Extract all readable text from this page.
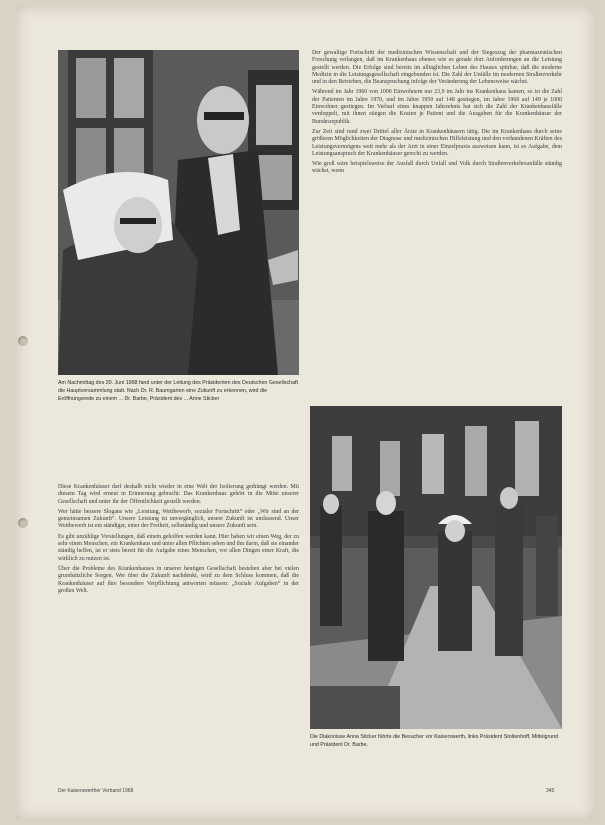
Am Nachmittag des 20. Juni 1968 fand unter der Leitung des Präsidenten des Deutschen Gesellschaft die Hauptversammlung statt. Nach Dr. R. Baumgarten eine Zukunft zu erkennen, wird die Eröffnungsrede zu einem ... Dr. Barbe, Präsident des ... Anne Sticker

Der gewaltige Fortschritt der medizinischen Wissenschaft und der Siegeszug der pharmazeutischen Forschung verlangen, daß im Krankenhaus ebenso wie es gerade dort Anforderungen an die Leistung gestellt werden. Die Erfolge sind bereits im alltäglichen Leben des Hauses spürbar, daß die moderne Medizin in die Leistungsgesellschaft eingebunden ist. Die Zahl der Unfälle im modernen Straßenverkehr und in den Betrieben, die Beanspruchung infolge der Veränderung der Lebensweise wächst.

Während im Jahr 1960 von 1000 Einwohnern nur 23,9 im Jahr ins Krankenhaus kamen, so ist die Zahl der Patienten im Jahre 1970, und im Jahre 1950 auf 148 gestiegen, im Jahre 1960 auf 149 je 1000 Einwohner gestiegen. Im Verlauf eines knappen Jahrzehnts hat sich die Zahl der Krankenhausfälle verdoppelt, mit ihnen stiegen die Kosten je Patient und die Ausgaben für die Krankenhäuser der Bundesrepublik.

Zur Zeit sind rund zwei Drittel aller Ärzte in Krankenhäusern tätig. Die im Krankenhaus durch seine größeren Möglichkeiten der Diagnose und medizinischen Hilfeleistung und den vorhandenen Kräften des Leistungsvermögens weit mehr als der Arzt in einer Einzelpraxis ausweisen kann, ist es Aufgabe, dem Leistungsanspruch der Krankenhäuser gerecht zu werden.

Wie groß wäre beispielsweise der Ausfall durch Unfall und Volk durch Straßenverkehrsunfälle ständig wächst, wenn

Die Diakonisse Anna Sticker führte die Besucher vor Kaiserswerth, links Präsident Stoltenhoff, Mittelgrund und Präsident Dr. Barbe.

Diese Krankenhäuser darf deshalb nicht wieder in eine Welt der Isolierung gedrängt werden. Mit diesem Tag wird erneut in Erinnerung gebracht: Das Krankenhaus gehört in die Mitte unserer Gesellschaft und unter ihr der Öffentlichkeit gestellt werden.

Wer hätte bessere Slogans wie „Leistung, Wettbewerb, sozialer Fortschritt“ oder „Wir sind an der gemeinsamen Zukunft“. Unsere Leistung ist unvergänglich, unsere Zukunft ist umfassend. Unser Wettbewerb ist ein ständiger, einer der Freiheit, selbständig und unsere Zukunft sein.

Es gibt unzählige Vorstellungen, daß einem geholfen werden kann. Hier haben wir einen Weg, der zu sehr einen Menschen, ein Krankenhaus und unter allen Pflichten sehen und ihn darin, daß sie einander ständig helfen, ist er stets bereit für die Aufgabe eines Menschen, vor allen Dingen einer Kraft, die wirklich zu nutzen ist.

Über die Probleme des Krankenhauses in unserer heutigen Gesellschaft bestehen aber bei vielen grundsätzliche Sorgen. Wer über die Zukunft nachdenkt, wird zu dem Schluss kommen, daß die Krankenhäuser auf ihre besondere Verpflichtung antworten müssen: „Soziale Aufgaben“ in der großen Welt.

Der Kaiserswerther Verband 1968	345
